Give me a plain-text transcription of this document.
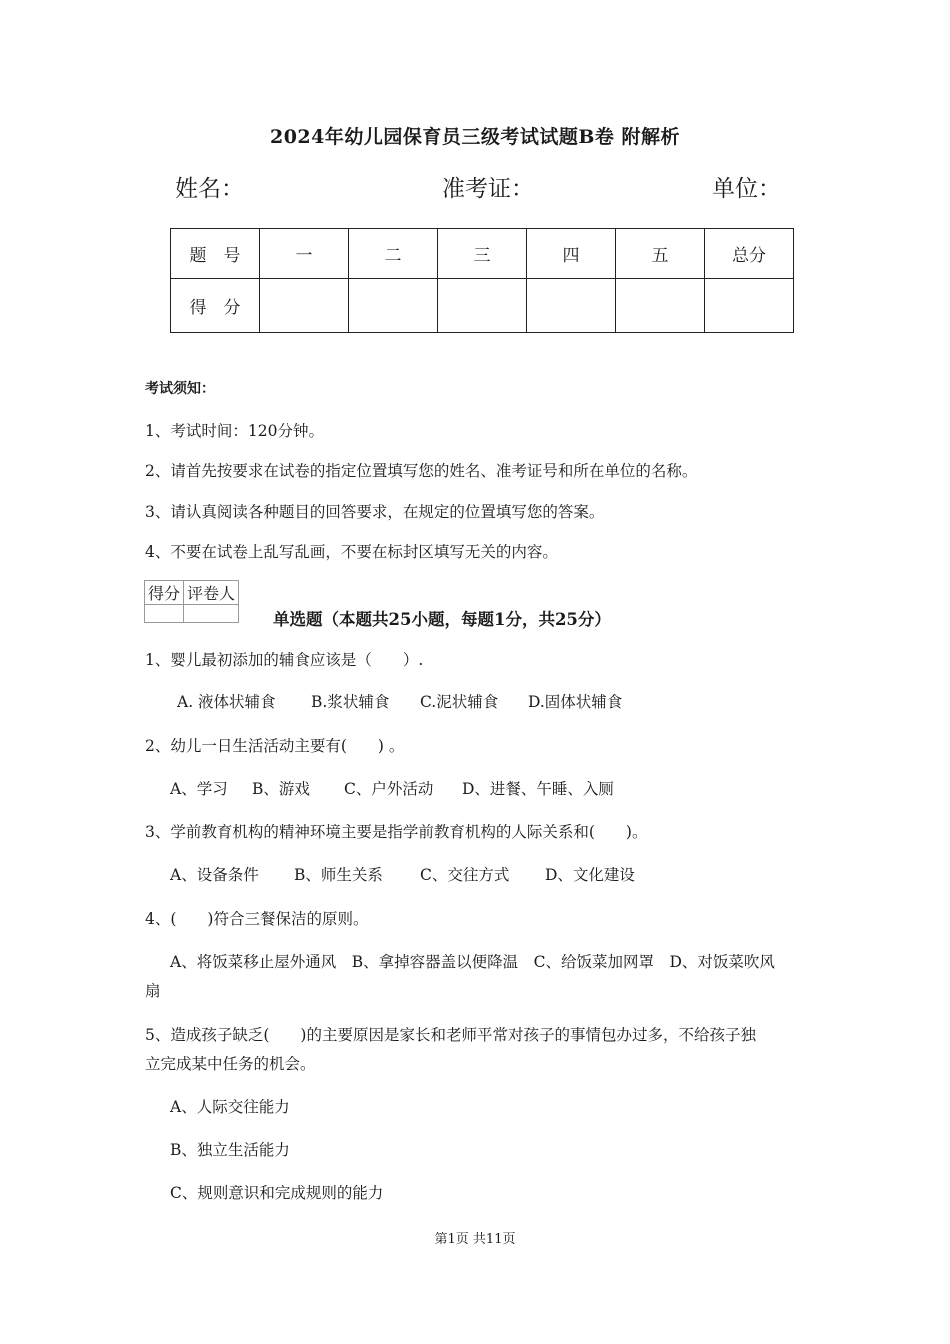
2024年幼儿园保育员三级考试试题B卷 附解析
姓名：	准考证：	单位：
题　号	一	二	三	四	五	总分
得　分						
考试须知：
1、考试时间：120分钟。
2、请首先按要求在试卷的指定位置填写您的姓名、准考证号和所在单位的名称。
3、请认真阅读各种题目的回答要求，在规定的位置填写您的答案。
4、不要在试卷上乱写乱画，不要在标封区填写无关的内容。
得分	评卷人

单选题（本题共25小题，每题1分，共25分）
1、婴儿最初添加的辅食应该是（　　）.
A. 液体状辅食 B.浆状辅食 C.泥状辅食 D.固体状辅食
2、幼儿一日生活活动主要有(　　) 。
A、学习 B、游戏 C、户外活动 D、进餐、午睡、入厕
3、学前教育机构的精神环境主要是指学前教育机构的人际关系和(　　)。
A、设备条件 B、师生关系 C、交往方式 D、文化建设
4、(　　)符合三餐保洁的原则。
A、将饭菜移止屋外通风　B、拿掉容器盖以便降温　C、给饭菜加网罩　D、对饭菜吹风
扇
5、造成孩子缺乏(　　)的主要原因是家长和老师平常对孩子的事情包办过多，不给孩子独
立完成某中任务的机会。
A、人际交往能力
B、独立生活能力
C、规则意识和完成规则的能力
第1页 共11页
